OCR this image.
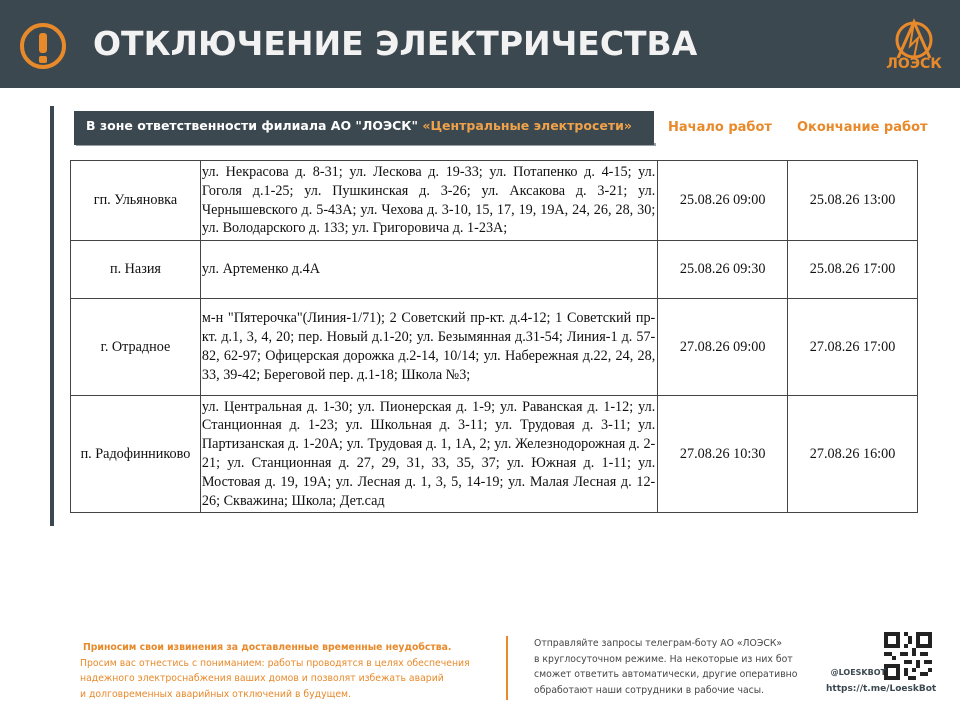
ОТКЛЮЧЕНИЕ ЭЛЕКТРИЧЕСТВА
ЛОЭСК
В зоне ответственности филиала АО "ЛОЭСК" «Центральные электросети»	Начало работ Окончание работ
гп. Ульяновка	ул. Некрасова д. 8-31; ул. Лескова д. 19-33; ул. Потапенко д. 4-15; ул. Гоголя д.1-25; ул. Пушкинская д. 3-26; ул. Аксакова д. 3-21; ул. Чернышевского д. 5-43А; ул. Чехова д. 3-10, 15, 17, 19, 19А, 24, 26, 28, 30; ул. Володарского д. 133; ул. Григоровича д. 1-23А;	25.08.26 09:00	25.08.26 13:00
п. Назия	ул. Артеменко д.4А	25.08.26 09:30	25.08.26 17:00
г. Отрадное	м-н "Пятерочка"(Линия-1/71); 2 Советский пр-кт. д.4-12; 1 Советский пр-кт. д.1, 3, 4, 20; пер. Новый д.1-20; ул. Безымянная д.31-54; Линия-1 д. 57-82, 62-97; Офицерская дорожка д.2-14, 10/14; ул. Набережная д.22, 24, 28, 33, 39-42; Береговой пер. д.1-18; Школа №3;	27.08.26 09:00	27.08.26 17:00
п. Радофинниково	ул. Центральная д. 1-30; ул. Пионерская д. 1-9; ул. Раванская д. 1-12; ул. Станционная д. 1-23; ул. Школьная д. 3-11; ул. Трудовая д. 3-11; ул. Партизанская д. 1-20А; ул. Трудовая д. 1, 1А, 2; ул. Железнодорожная д. 2-21; ул. Станционная д. 27, 29, 31, 33, 35, 37; ул. Южная д. 1-11; ул. Мостовая д. 19, 19А; ул. Лесная д. 1, 3, 5, 14-19; ул. Малая Лесная д. 12-26; Скважина; Школа; Дет.сад	27.08.26 10:30	27.08.26 16:00
Приносим свои извинения за доставленные временные неудобства.
Просим вас отнестись с пониманием: работы проводятся в целях обеспечения
надежного электроснабжения ваших домов и позволят избежать аварий
и долговременных аварийных отключений в будущем.
Отправляйте запросы телеграм-боту АО «ЛОЭСК»
в круглосуточном режиме. На некоторые из них бот
сможет ответить автоматически, другие оперативно
обработают наши сотрудники в рабочие часы.
@LOESKBOT
https://t.me/LoeskBot
